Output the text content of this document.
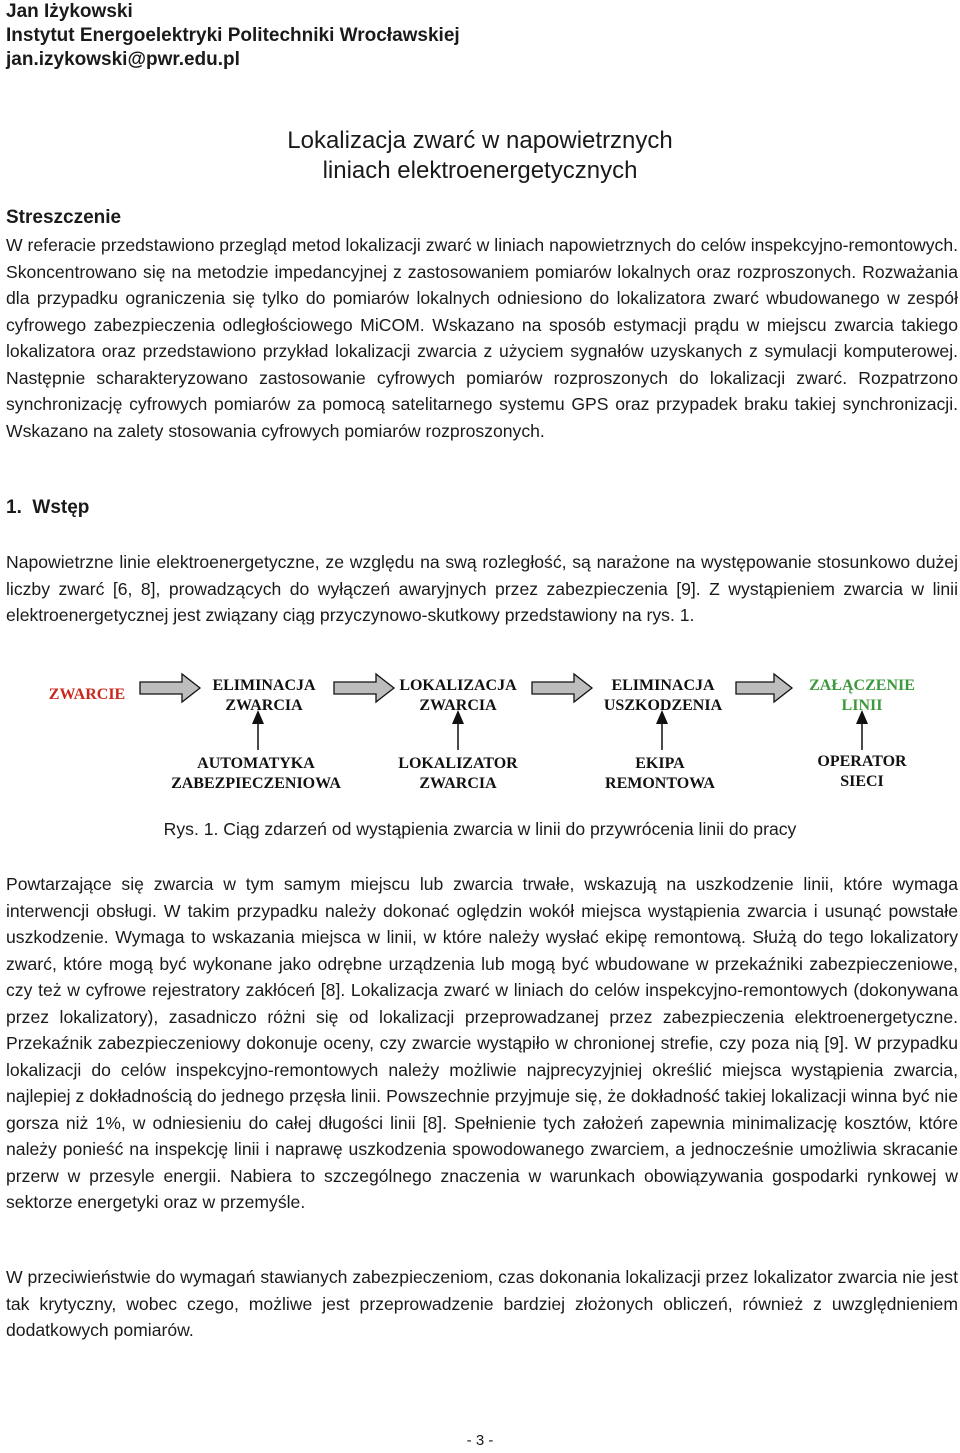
Jan Iżykowski
Instytut Energoelektryki Politechniki Wrocławskiej
jan.izykowski@pwr.edu.pl
Lokalizacja zwarć w napowietrznych
liniach elektroenergetycznych
Streszczenie

W referacie przedstawiono przegląd metod lokalizacji zwarć w liniach napowietrznych do celów inspekcyjno-remontowych. Skoncentrowano się na metodzie impedancyjnej z zastosowaniem pomiarów lokalnych oraz rozproszonych. Rozważania dla przypadku ograniczenia się tylko do pomiarów lokalnych odniesiono do lokalizatora zwarć wbudowanego w zespół cyfrowego zabezpieczenia odległościowego MiCOM. Wskazano na sposób estymacji prądu w miejscu zwarcia takiego lokalizatora oraz przedstawiono przykład lokalizacji zwarcia z użyciem sygnałów uzyskanych z symulacji komputerowej. Następnie scharakteryzowano zastosowanie cyfrowych pomiarów rozproszonych do lokalizacji zwarć. Rozpatrzono synchronizację cyfrowych pomiarów za pomocą satelitarnego systemu GPS oraz przypadek braku takiej synchronizacji. Wskazano na zalety stosowania cyfrowych pomiarów rozproszonych.

1.  Wstęp

Napowietrzne linie elektroenergetyczne, ze względu na swą rozległość, są narażone na występowanie stosunkowo dużej liczby zwarć [6, 8], prowadzących do wyłączeń awaryjnych przez zabezpieczenia [9]. Z wystąpieniem zwarcia w linii elektroenergetycznej jest związany ciąg przyczynowo-skutkowy przedstawiony na rys. 1.

ZWARCIE
ELIMINACJA
ZWARCIA
LOKALIZACJA
ZWARCIA
ELIMINACJA
USZKODZENIA
ZAŁĄCZENIE
LINII
AUTOMATYKA
ZABEZPIECZENIOWA
LOKALIZATOR
ZWARCIA
EKIPA
REMONTOWA
OPERATOR
SIECI
Rys. 1. Ciąg zdarzeń od wystąpienia zwarcia w linii do przywrócenia linii do pracy

Powtarzające się zwarcia w tym samym miejscu lub zwarcia trwałe, wskazują na uszkodzenie linii, które wymaga interwencji obsługi. W takim przypadku należy dokonać oględzin wokół miejsca wystąpienia zwarcia i usunąć powstałe uszkodzenie. Wymaga to wskazania miejsca w linii, w które należy wysłać ekipę remontową. Służą do tego lokalizatory zwarć, które mogą być wykonane jako odrębne urządzenia lub mogą być wbudowane w przekaźniki zabezpieczeniowe, czy też w cyfrowe rejestratory zakłóceń [8]. Lokalizacja zwarć w liniach do celów inspekcyjno-remontowych (dokonywana przez lokalizatory), zasadniczo różni się od lokalizacji przeprowadzanej przez zabezpieczenia elektroenergetyczne. Przekaźnik zabezpieczeniowy dokonuje oceny, czy zwarcie wystąpiło w chronionej strefie, czy poza nią [9]. W przypadku lokalizacji do celów inspekcyjno-remontowych należy możliwie najprecyzyjniej określić miejsca wystąpienia zwarcia, najlepiej z dokładnością do jednego przęsła linii. Powszechnie przyjmuje się, że dokładność takiej lokalizacji winna być nie gorsza niż 1%, w odniesieniu do całej długości linii [8]. Spełnienie tych założeń zapewnia minimalizację kosztów, które należy ponieść na inspekcję linii i naprawę uszkodzenia spowodowanego zwarciem, a jednocześnie umożliwia skracanie przerw w przesyle energii. Nabiera to szczególnego znaczenia w warunkach obowiązywania gospodarki rynkowej w sektorze energetyki oraz w przemyśle.

W przeciwieństwie do wymagań stawianych zabezpieczeniom, czas dokonania lokalizacji przez lokalizator zwarcia nie jest tak krytyczny, wobec czego, możliwe jest przeprowadzenie bardziej złożonych obliczeń, również z uwzględnieniem dodatkowych pomiarów.

- 3 -
